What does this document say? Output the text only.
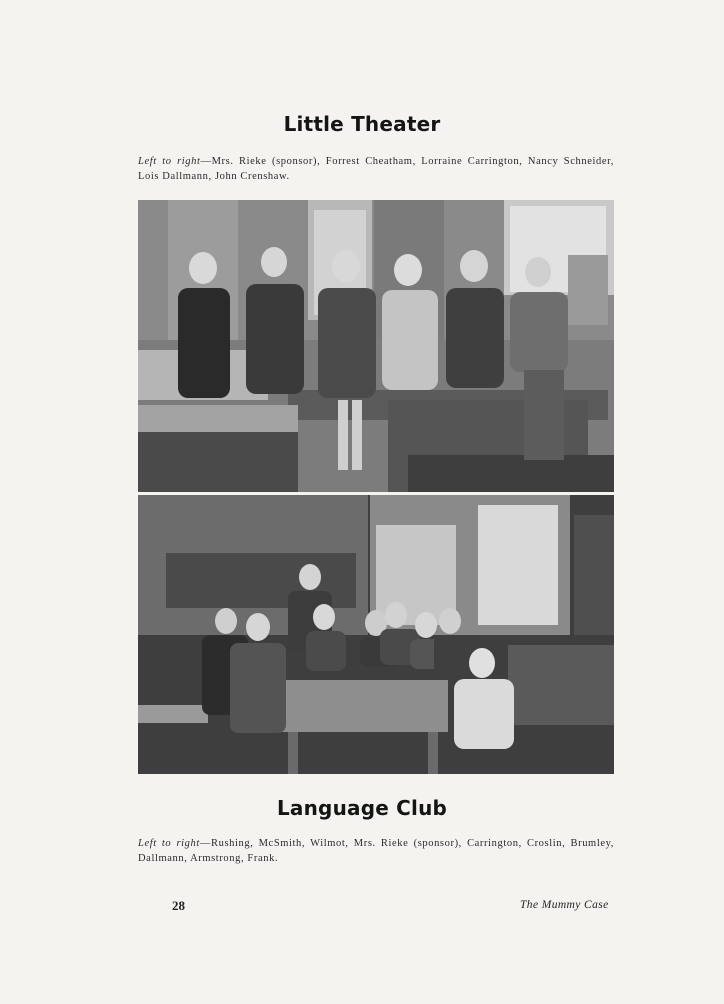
Little Theater
Left to right—Mrs. Rieke (sponsor), Forrest Cheatham, Lorraine Carrington, Nancy Schneider, Lois Dallmann, John Crenshaw.
Language Club
Left to right—Rushing, McSmith, Wilmot, Mrs. Rieke (sponsor), Carrington, Croslin, Brumley, Dallmann, Armstrong, Frank.
28	The Mummy Case
